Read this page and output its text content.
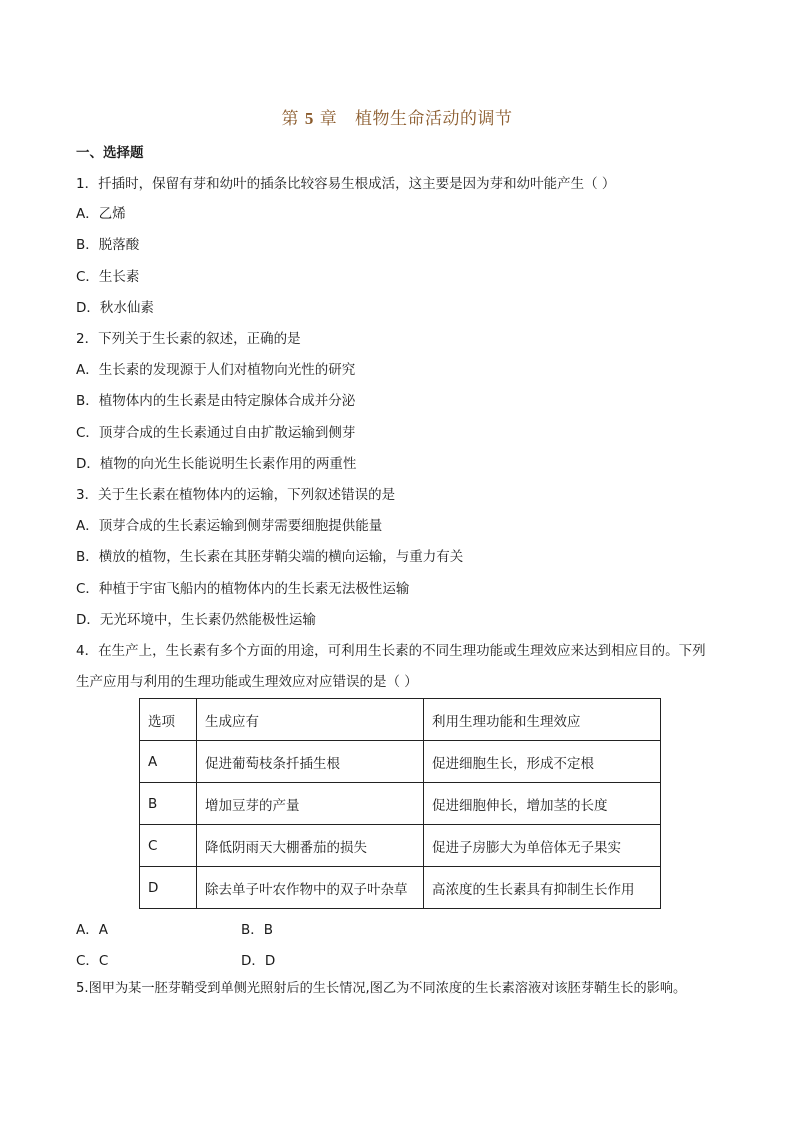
第 5 章 植物生命活动的调节
一、选择题
1．扦插时，保留有芽和幼叶的插条比较容易生根成活，这主要是因为芽和幼叶能产生（ ）
A．乙烯
B．脱落酸
C．生长素
D．秋水仙素
2．下列关于生长素的叙述，正确的是
A．生长素的发现源于人们对植物向光性的研究
B．植物体内的生长素是由特定腺体合成并分泌
C．顶芽合成的生长素通过自由扩散运输到侧芽
D．植物的向光生长能说明生长素作用的两重性
3．关于生长素在植物体内的运输，下列叙述错误的是
A．顶芽合成的生长素运输到侧芽需要细胞提供能量
B．横放的植物，生长素在其胚芽鞘尖端的横向运输，与重力有关
C．种植于宇宙飞船内的植物体内的生长素无法极性运输
D．无光环境中，生长素仍然能极性运输
4．在生产上，生长素有多个方面的用途，可利用生长素的不同生理功能或生理效应来达到相应目的。下列
生产应用与利用的生理功能或生理效应对应错误的是（ ）
选项	生成应有	利用生理功能和生理效应
A	促进葡萄枝条扦插生根	促进细胞生长，形成不定根
B	增加豆芽的产量	促进细胞伸长，增加茎的长度
C	降低阴雨天大棚番茄的损失	促进子房膨大为单倍体无子果实
D	除去单子叶农作物中的双子叶杂草	高浓度的生长素具有抑制生长作用
A．A	B．B
C．C	D．D
5.图甲为某一胚芽鞘受到单侧光照射后的生长情况,图乙为不同浓度的生长素溶液对该胚芽鞘生长的影响。
